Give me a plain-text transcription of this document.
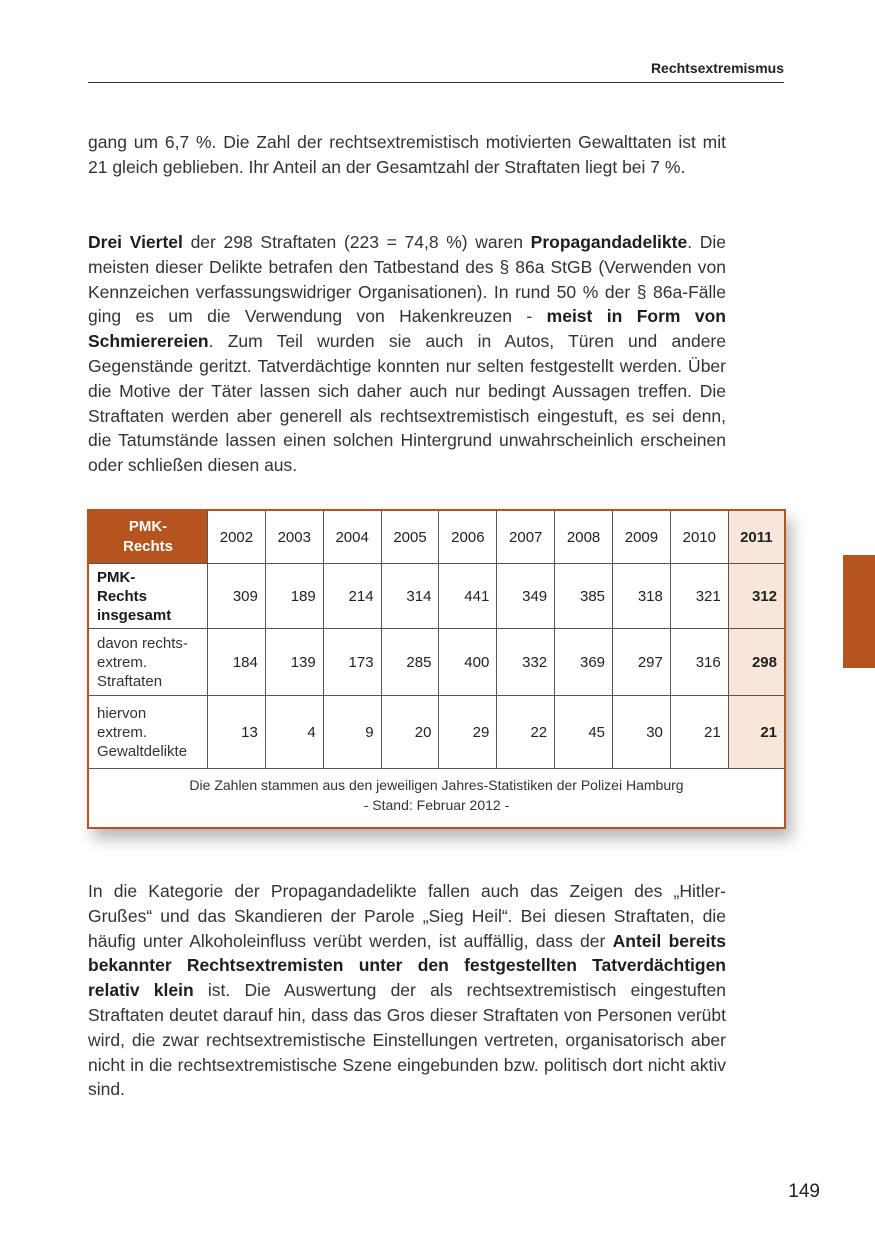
Rechtsextremismus

gang um 6,7 %. Die Zahl der rechtsextremistisch motivierten Gewalttaten ist mit 21 gleich geblieben. Ihr Anteil an der Gesamtzahl der Straftaten liegt bei 7 %.

Drei Viertel der 298 Straftaten (223 = 74,8 %) waren Propagandadelikte. Die meisten dieser Delikte betrafen den Tatbestand des § 86a StGB (Verwenden von Kennzeichen verfassungswidriger Organisationen). In rund 50 % der § 86a-Fälle ging es um die Verwendung von Hakenkreuzen - meist in Form von Schmierereien. Zum Teil wurden sie auch in Autos, Türen und andere Gegenstände geritzt. Tatverdächtige konnten nur selten festgestellt werden. Über die Motive der Täter lassen sich daher auch nur bedingt Aussagen treffen. Die Straftaten werden aber generell als rechtsextremistisch eingestuft, es sei denn, die Tatumstände lassen einen solchen Hintergrund unwahrscheinlich erscheinen oder schließen diesen aus.

PMK-
Rechts	2002	2003	2004	2005	2006	2007	2008	2009	2010	2011
PMK-
Rechts
insgesamt	309	189	214	314	441	349	385	318	321	312
davon rechts-
extrem.
Straftaten	184	139	173	285	400	332	369	297	316	298
hiervon
extrem.
Gewaltdelikte	13	4	9	20	29	22	45	30	21	21
Die Zahlen stammen aus den jeweiligen Jahres-Statistiken der Polizei Hamburg
- Stand: Februar 2012 -										

In die Kategorie der Propagandadelikte fallen auch das Zeigen des „Hitler-Grußes“ und das Skandieren der Parole „Sieg Heil“. Bei diesen Straftaten, die häufig unter Alkoholeinfluss verübt werden, ist auffällig, dass der Anteil bereits bekannter Rechtsextremisten unter den festgestellten Tatverdächtigen relativ klein ist. Die Auswertung der als rechtsextremistisch eingestuften Straftaten deutet darauf hin, dass das Gros dieser Straftaten von Personen verübt wird, die zwar rechtsextremistische Einstellungen vertreten, organisatorisch aber nicht in die rechtsextremistische Szene eingebunden bzw. politisch dort nicht aktiv sind.

149
